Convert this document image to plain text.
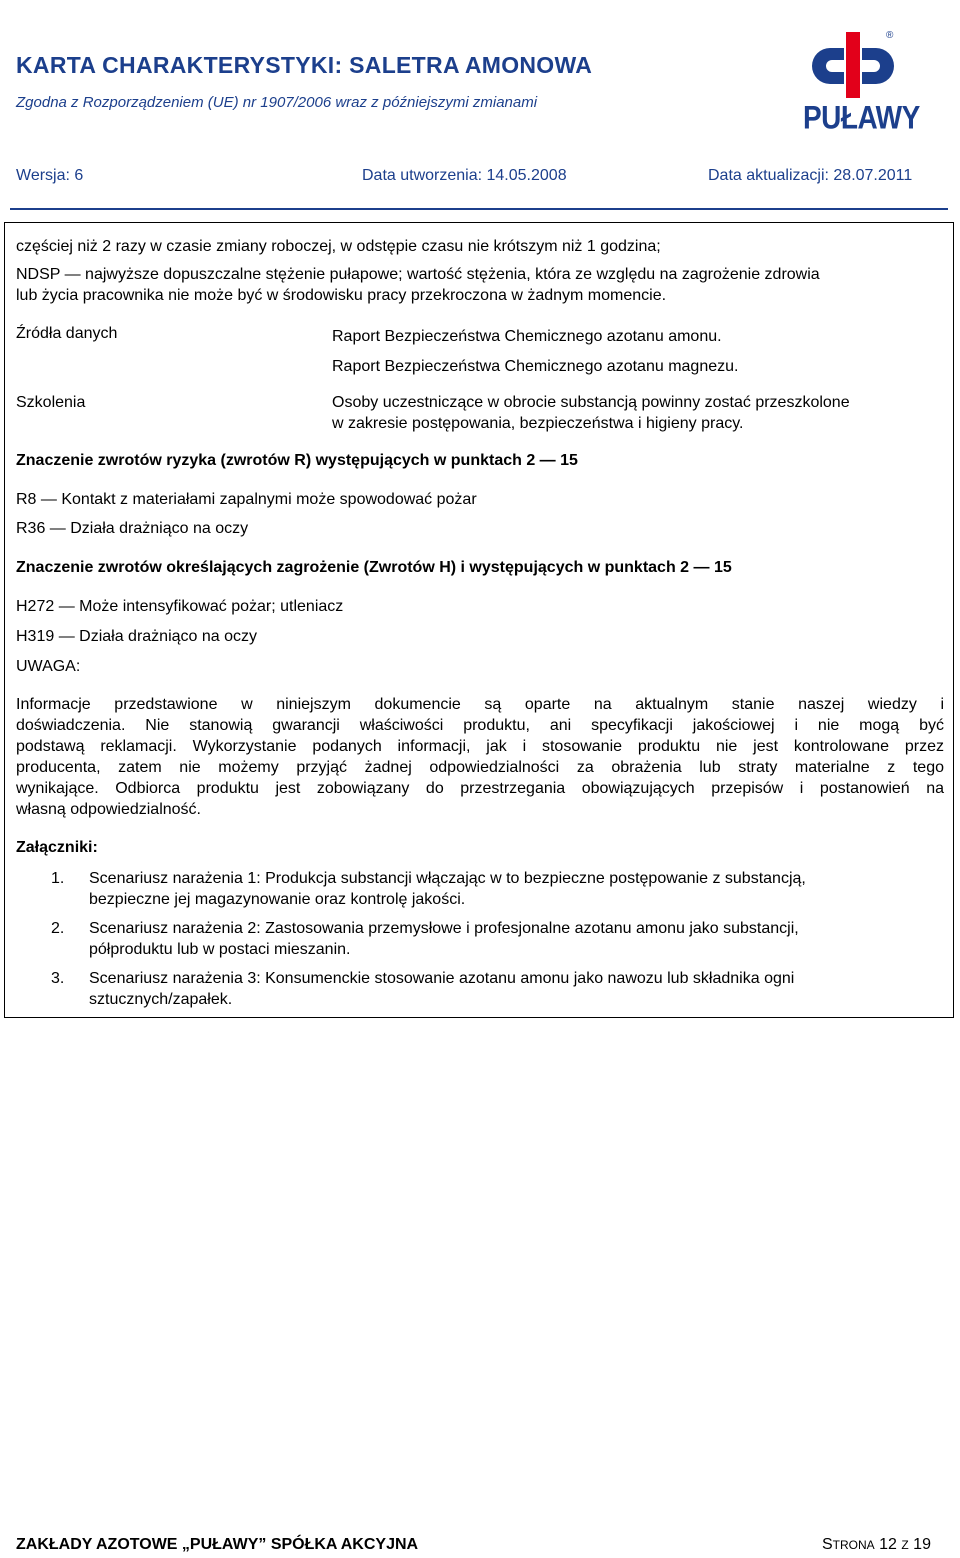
KARTA CHARAKTERYSTYKI: SALETRA AMONOWA
Zgodna z Rozporządzeniem (UE) nr 1907/2006 wraz z późniejszymi zmianami
Wersja: 6	Data utworzenia: 14.05.2008	Data aktualizacji: 28.07.2011
®
PUŁAWY
częściej niż 2 razy w czasie zmiany roboczej, w odstępie czasu nie krótszym niż 1 godzina;
NDSP — najwyższe dopuszczalne stężenie pułapowe; wartość stężenia, która ze względu na zagrożenie zdrowia
lub życia pracownika nie może być w środowisku pracy przekroczona w żadnym momencie.
Źródła danych	Raport Bezpieczeństwa Chemicznego azotanu amonu.
Raport Bezpieczeństwa Chemicznego azotanu magnezu.
Szkolenia	Osoby uczestniczące w obrocie substancją powinny zostać przeszkolone
w zakresie postępowania, bezpieczeństwa i higieny pracy.
Znaczenie zwrotów ryzyka (zwrotów R) występujących w punktach 2 — 15
R8 — Kontakt z materiałami zapalnymi może spowodować pożar
R36 — Działa drażniąco na oczy
Znaczenie zwrotów określających zagrożenie (Zwrotów H) i występujących w punktach 2 — 15
H272 — Może intensyfikować pożar; utleniacz
H319 — Działa drażniąco na oczy
UWAGA:
Informacje przedstawione w niniejszym dokumencie są oparte na aktualnym stanie naszej wiedzy i
doświadczenia. Nie stanowią gwarancji właściwości produktu, ani specyfikacji jakościowej i nie mogą być
podstawą reklamacji. Wykorzystanie podanych informacji, jak i stosowanie produktu nie jest kontrolowane przez
producenta, zatem nie możemy przyjąć żadnej odpowiedzialności za obrażenia lub straty materialne z tego
wynikające. Odbiorca produktu jest zobowiązany do przestrzegania obowiązujących przepisów i postanowień na
własną odpowiedzialność.
Załączniki:
1. Scenariusz narażenia 1: Produkcja substancji włączając w to bezpieczne postępowanie z substancją,
bezpieczne jej magazynowanie oraz kontrolę jakości.
2. Scenariusz narażenia 2: Zastosowania przemysłowe i profesjonalne azotanu amonu jako substancji,
półproduktu lub w postaci mieszanin.
3. Scenariusz narażenia 3: Konsumenckie stosowanie azotanu amonu jako nawozu lub składnika ogni
sztucznych/zapałek.
ZAKŁADY AZOTOWE „PUŁAWY” SPÓŁKA AKCYJNA	STRONA 12 Z 19
